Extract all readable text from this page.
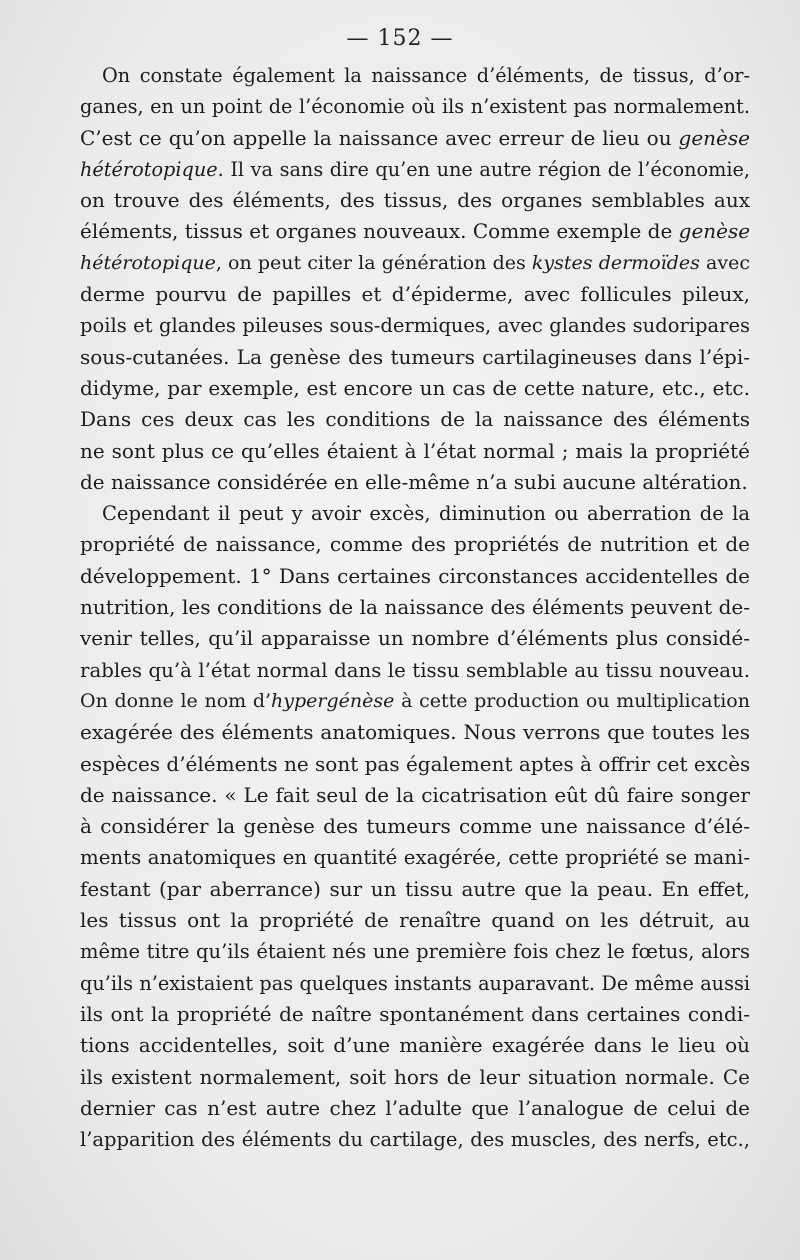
— 152 —
On constate également la naissance d’éléments, de tissus, d’or-
ganes, en un point de l’économie où ils n’existent pas normalement.
C’est ce qu’on appelle la naissance avec erreur de lieu ou genèse
hétérotopique. Il va sans dire qu’en une autre région de l’économie,
on trouve des éléments, des tissus, des organes semblables aux
éléments, tissus et organes nouveaux. Comme exemple de genèse
hétérotopique, on peut citer la génération des kystes dermoïdes avec
derme pourvu de papilles et d’épiderme, avec follicules pileux,
poils et glandes pileuses sous-dermiques, avec glandes sudoripares
sous-cutanées. La genèse des tumeurs cartilagineuses dans l’épi-
didyme, par exemple, est encore un cas de cette nature, etc., etc.
Dans ces deux cas les conditions de la naissance des éléments
ne sont plus ce qu’elles étaient à l’état normal ; mais la propriété
de naissance considérée en elle-même n’a subi aucune altération.
Cependant il peut y avoir excès, diminution ou aberration de la
propriété de naissance, comme des propriétés de nutrition et de
développement. 1° Dans certaines circonstances accidentelles de
nutrition, les conditions de la naissance des éléments peuvent de-
venir telles, qu’il apparaisse un nombre d’éléments plus considé-
rables qu’à l’état normal dans le tissu semblable au tissu nouveau.
On donne le nom d’hypergénèse à cette production ou multiplication
exagérée des éléments anatomiques. Nous verrons que toutes les
espèces d’éléments ne sont pas également aptes à offrir cet excès
de naissance. « Le fait seul de la cicatrisation eût dû faire songer
à considérer la genèse des tumeurs comme une naissance d’élé-
ments anatomiques en quantité exagérée, cette propriété se mani-
festant (par aberrance) sur un tissu autre que la peau. En effet,
les tissus ont la propriété de renaître quand on les détruit, au
même titre qu’ils étaient nés une première fois chez le fœtus, alors
qu’ils n’existaient pas quelques instants auparavant. De même aussi
ils ont la propriété de naître spontanément dans certaines condi-
tions accidentelles, soit d’une manière exagérée dans le lieu où
ils existent normalement, soit hors de leur situation normale. Ce
dernier cas n’est autre chez l’adulte que l’analogue de celui de
l’apparition des éléments du cartilage, des muscles, des nerfs, etc.,
